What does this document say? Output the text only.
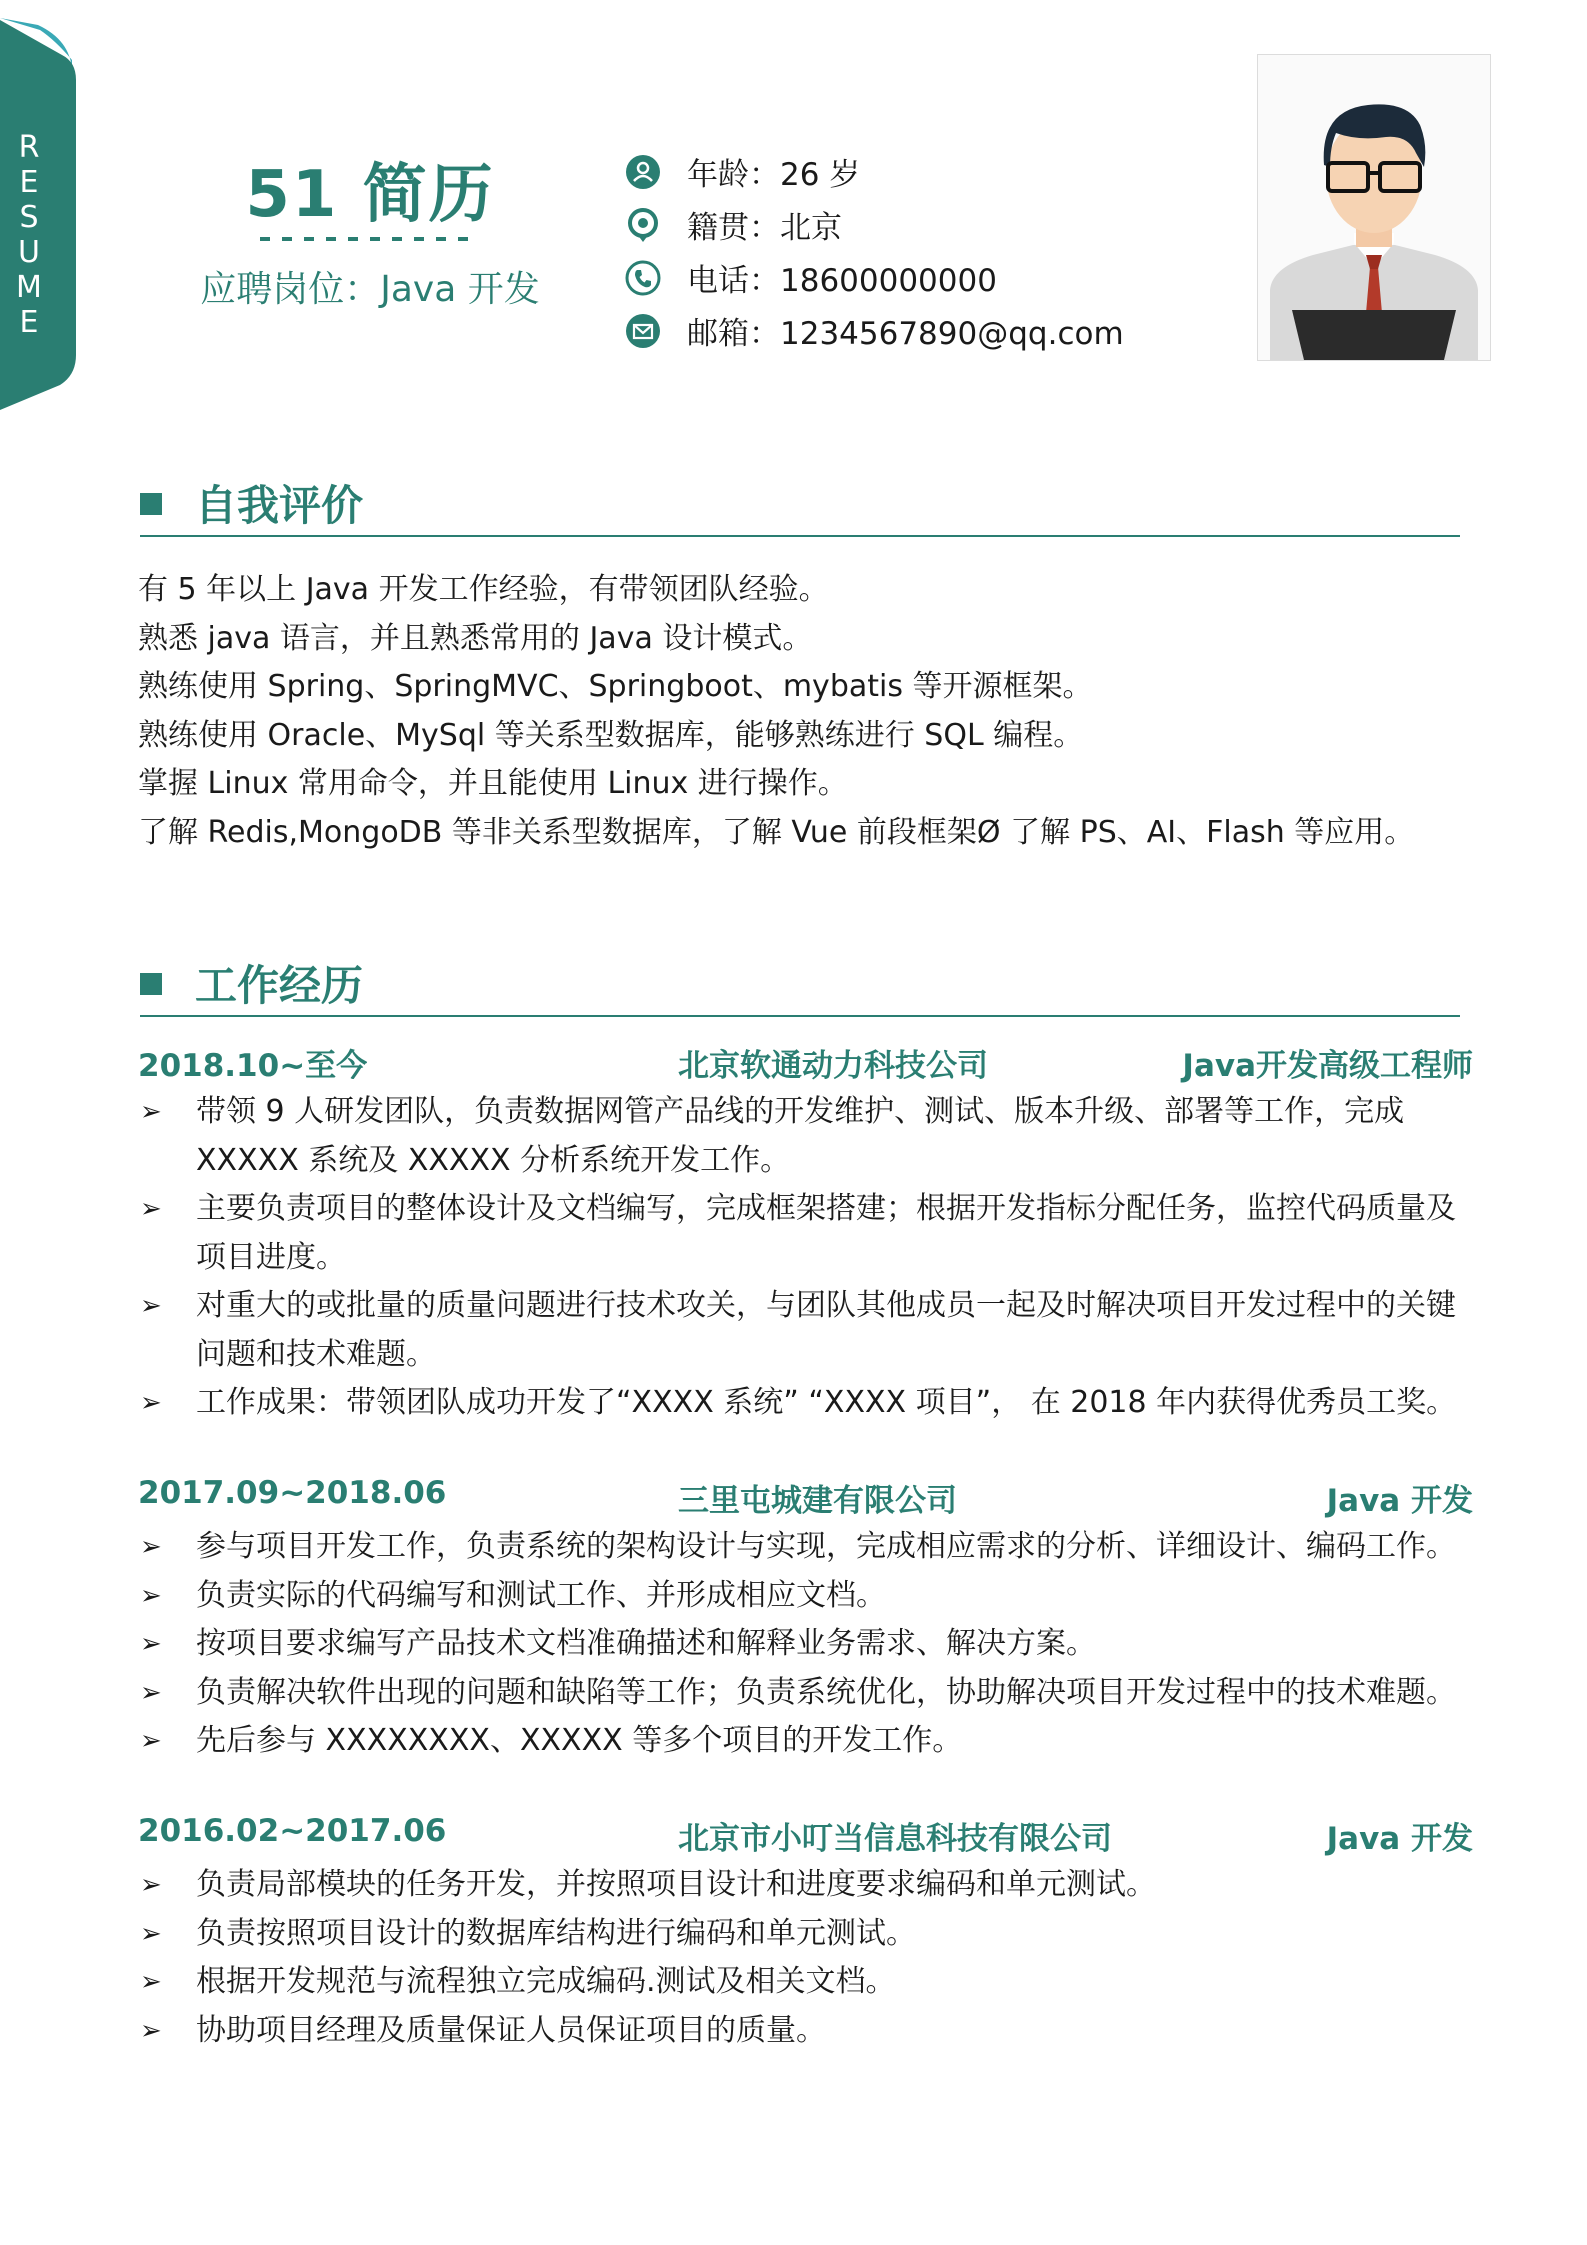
R
E
S
U
M
E
51 简历
应聘岗位：Java 开发
年龄：26 岁
籍贯：北京
电话：18600000000
邮箱：1234567890@qq.com
自我评价

有 5 年以上 Java 开发工作经验，有带领团队经验。

熟悉 java 语言，并且熟悉常用的 Java 设计模式。

熟练使用 Spring、SpringMVC、Springboot、mybatis 等开源框架。

熟练使用 Oracle、MySql 等关系型数据库，能够熟练进行 SQL 编程。

掌握 Linux 常用命令，并且能使用 Linux 进行操作。

了解 Redis,MongoDB 等非关系型数据库，了解 Vue 前段框架Ø 了解 PS、AI、Flash 等应用。

工作经历
2018.10~至今	北京软通动力科技公司	Java开发高级工程师
➢ 带领 9 人研发团队，负责数据网管产品线的开发维护、测试、版本升级、部署等工作，完成 XXXXX 系统及 XXXXX 分析系统开发工作。
➢ 主要负责项目的整体设计及文档编写，完成框架搭建；根据开发指标分配任务，监控代码质量及项目进度。
➢ 对重大的或批量的质量问题进行技术攻关，与团队其他成员一起及时解决项目开发过程中的关键问题和技术难题。
➢ 工作成果：带领团队成功开发了“XXXX 系统” “XXXX 项目”， 在 2018 年内获得优秀员工奖。
2017.09~2018.06	三里屯城建有限公司	Java 开发
➢ 参与项目开发工作，负责系统的架构设计与实现，完成相应需求的分析、详细设计、编码工作。
➢ 负责实际的代码编写和测试工作、并形成相应文档。
➢ 按项目要求编写产品技术文档准确描述和解释业务需求、解决方案。
➢ 负责解决软件出现的问题和缺陷等工作；负责系统优化，协助解决项目开发过程中的技术难题。
➢ 先后参与 XXXXXXXX、XXXXX 等多个项目的开发工作。
2016.02~2017.06	北京市小叮当信息科技有限公司	Java 开发
➢ 负责局部模块的任务开发，并按照项目设计和进度要求编码和单元测试。
➢ 负责按照项目设计的数据库结构进行编码和单元测试。
➢ 根据开发规范与流程独立完成编码.测试及相关文档。
➢ 协助项目经理及质量保证人员保证项目的质量。
